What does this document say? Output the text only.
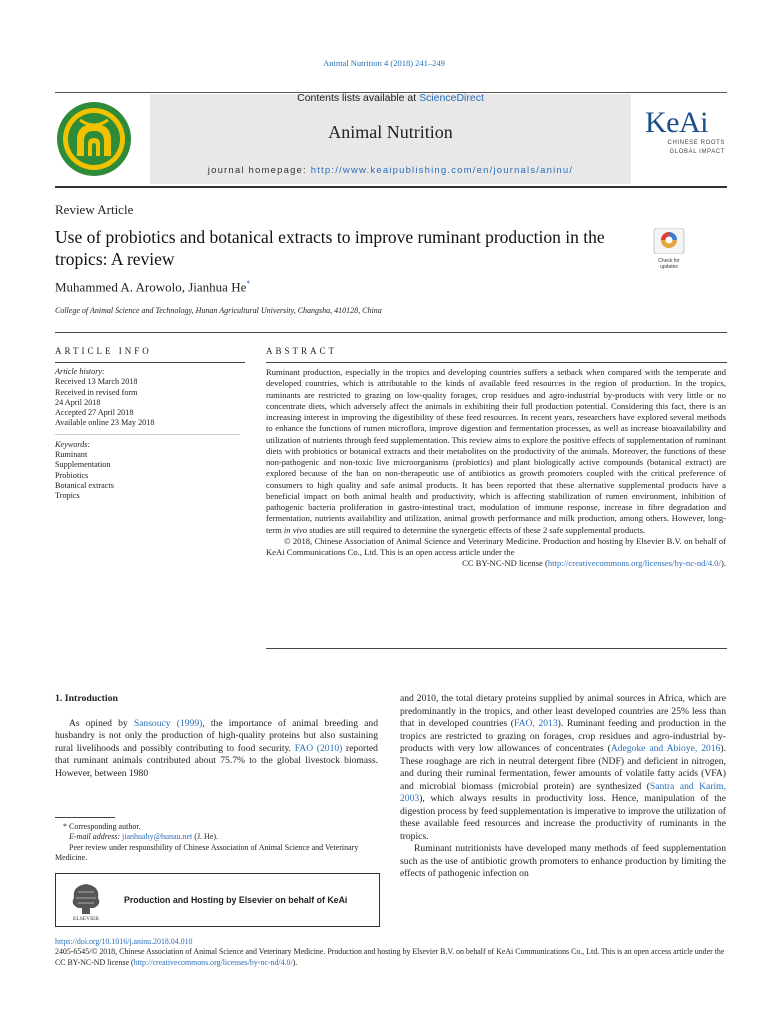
Animal Nutrition 4 (2018) 241–249
Contents lists available at ScienceDirect
Animal Nutrition
journal homepage: http://www.keaipublishing.com/en/journals/aninu/
KeAi
CHINESE ROOTS
GLOBAL IMPACT
Review Article
Use of probiotics and botanical extracts to improve ruminant production in the tropics: A review	Check for
updates
Muhammed A. Arowolo, Jianhua He*
College of Animal Science and Technology, Hunan Agricultural University, Changsha, 410128, China
ARTICLE INFO
Article history:
Received 13 March 2018
Received in revised form
24 April 2018
Accepted 27 April 2018
Available online 23 May 2018
Keywords:
Ruminant
Supplementation
Probiotics
Botanical extracts
Tropics
ABSTRACT

Ruminant production, especially in the tropics and developing countries suffers a setback when compared with the temperate and developed countries, which is attributable to the kinds of available feed resources in the region of production. In the tropics, ruminants are restricted to grazing on low-quality forages, crop residues and agro-industrial by-products with very little or no concentrate diets, which adversely affect the animals in exhibiting their full production potential. Considering this fact, there is an increasing interest in improving the digestibility of these feed resources. In recent years, researchers have explored several methods to enhance the functions of rumen microflora, improve digestion and fermentation processes, as well as increase bioavailability and utilization of nutrients through feed supplementation. This review aims to explore the positive effects of supplementation of ruminant diets with probiotics or botanical extracts and their metabolites on the productivity of the animals. Moreover, the functions of these non-pathogenic and non-toxic live microorganisms (probiotics) and plant biologically active compounds (botanical extract) are explored because of the ban on non-therapeutic use of antibiotics as growth promoters coupled with the critical preference of consumers to high quality and safe animal products. It has been reported that these alternative supplemental products have a beneficial impact on both animal health and productivity, which is affecting stabilization of rumen environment, inhibition of pathogenic bacteria proliferation in gastro-intestinal tract, modulation of immune response, increase in fibre degradation and fermentation, nutrients availability and utilization, animal growth performance and milk production, among others. However, long-term in vivo studies are still required to determine the synergetic effects of these 2 safe supplemental products.

© 2018, Chinese Association of Animal Science and Veterinary Medicine. Production and hosting by Elsevier B.V. on behalf of KeAi Communications Co., Ltd. This is an open access article under the

CC BY-NC-ND license (http://creativecommons.org/licenses/by-nc-nd/4.0/).

1. Introduction

As opined by Sansoucy (1999), the importance of animal breeding and husbandry is not only the production of high-quality proteins but also sustaining rural livelihoods and possibly contributing to food security. FAO (2010) reported that ruminant animals contributed about 75.7% to the global livestock biomass. However, between 1980

* Corresponding author.

E-mail address: jianhuahy@hunau.net (J. He).

Peer review under responsibility of Chinese Association of Animal Science and Veterinary Medicine.

ELSEVIER
Production and Hosting by Elsevier on behalf of KeAi

and 2010, the total dietary proteins supplied by animal sources in Africa, which are predominantly in the tropics, and other least developed countries are 25% less than that in developed countries (FAO, 2013). Ruminant feeding and production in the tropics are restricted to grazing on forages, crop residues and agro-industrial by-products with very low allowances of concentrates (Adegoke and Abioye, 2016). These roughage are rich in neutral detergent fibre (NDF) and deficient in nitrogen, and during their ruminal fermentation, fewer amounts of volatile fatty acids (VFA) and microbial biomass (microbial protein) are synthesized (Santra and Karim, 2003), which always results in productivity loss. Hence, manipulation of the digestion process by feed supplementation is imperative to improve the utilization of these available feed resources and increase the productivity of ruminants in the tropics.

Ruminant nutritionists have developed many methods of feed supplementation such as the use of antibiotic growth promoters to enhance production by limiting the effects of pathogenic infection on

https://doi.org/10.1016/j.aninu.2018.04.010

2405-6545/© 2018, Chinese Association of Animal Science and Veterinary Medicine. Production and hosting by Elsevier B.V. on behalf of KeAi Communications Co., Ltd. This is an open access article under the CC BY-NC-ND license (http://creativecommons.org/licenses/by-nc-nd/4.0/).
